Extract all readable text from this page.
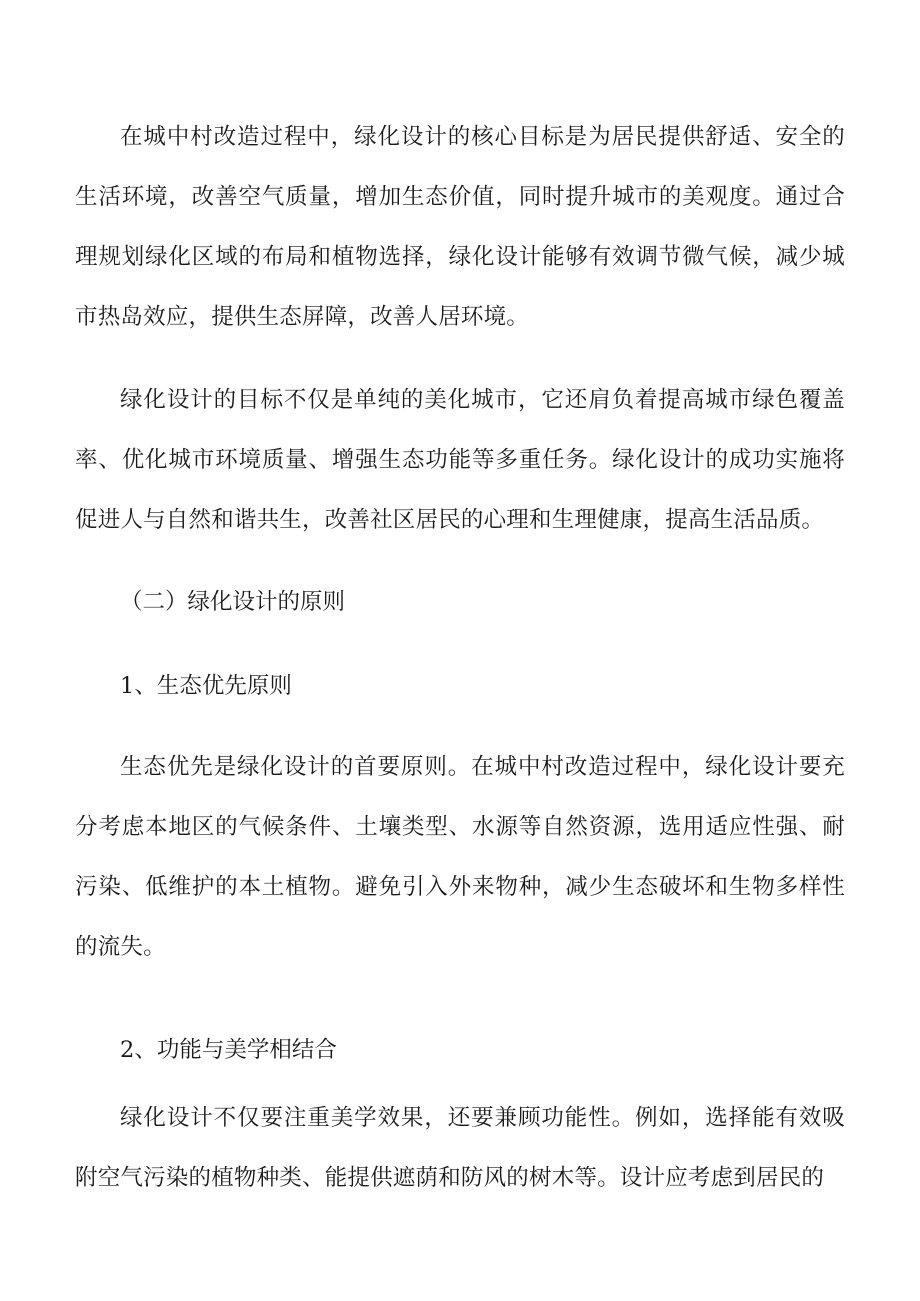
在城中村改造过程中，绿化设计的核心目标是为居民提供舒适、安全的生活环境，改善空气质量，增加生态价值，同时提升城市的美观度。通过合理规划绿化区域的布局和植物选择，绿化设计能够有效调节微气候，减少城市热岛效应，提供生态屏障，改善人居环境。

绿化设计的目标不仅是单纯的美化城市，它还肩负着提高城市绿色覆盖率、优化城市环境质量、增强生态功能等多重任务。绿化设计的成功实施将促进人与自然和谐共生，改善社区居民的心理和生理健康，提高生活品质。

（二）绿化设计的原则

1、生态优先原则

生态优先是绿化设计的首要原则。在城中村改造过程中，绿化设计要充分考虑本地区的气候条件、土壤类型、水源等自然资源，选用适应性强、耐污染、低维护的本土植物。避免引入外来物种，减少生态破坏和生物多样性的流失。

2、功能与美学相结合

绿化设计不仅要注重美学效果，还要兼顾功能性。例如，选择能有效吸附空气污染的植物种类、能提供遮荫和防风的树木等。设计应考虑到居民的
